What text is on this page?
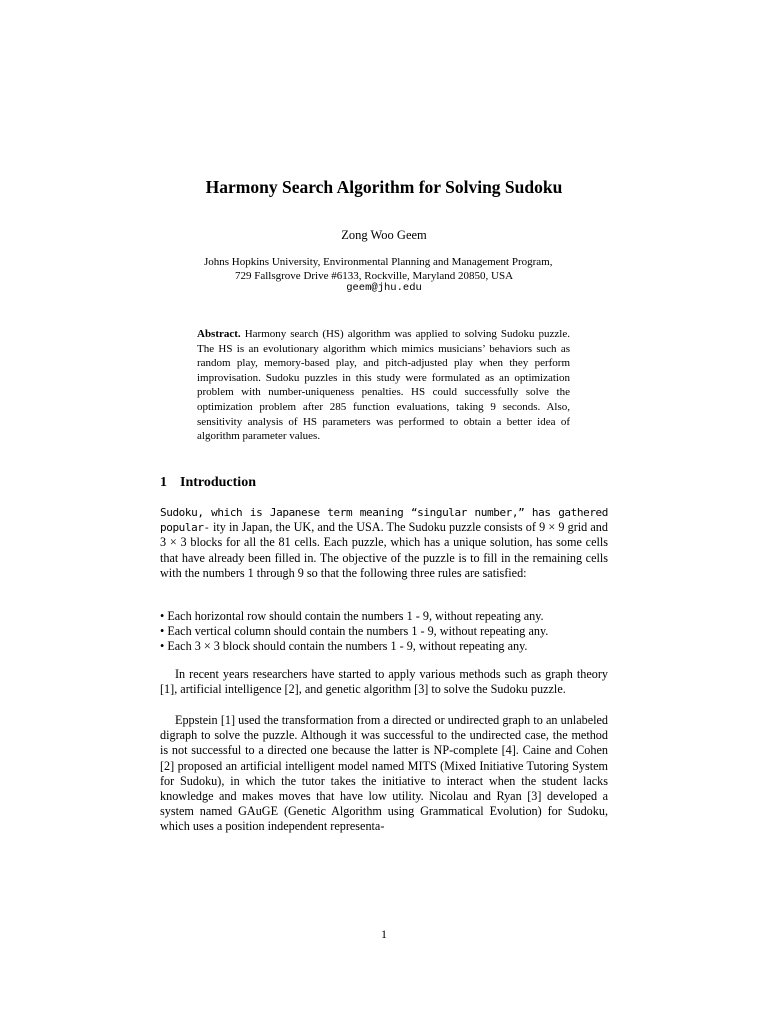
Harmony Search Algorithm for Solving Sudoku
Zong Woo Geem
Johns Hopkins University, Environmental Planning and Management Program,
729 Fallsgrove Drive #6133, Rockville, Maryland 20850, USA
geem@jhu.edu
Abstract. Harmony search (HS) algorithm was applied to solving Sudoku puzzle. The HS is an evolutionary algorithm which mimics musicians’ behaviors such as random play, memory-based play, and pitch-adjusted play when they perform improvisation. Sudoku puzzles in this study were formulated as an optimization problem with number-uniqueness penalties. HS could successfully solve the optimization problem after 285 function evaluations, taking 9 seconds. Also, sensitivity analysis of HS parameters was performed to obtain a better idea of algorithm parameter values.
1 Introduction
Sudoku, which is Japanese term meaning “singular number,” has gathered popular- ity in Japan, the UK, and the USA. The Sudoku puzzle consists of 9 × 9 grid and 3 × 3 blocks for all the 81 cells. Each puzzle, which has a unique solution, has some cells that have already been filled in. The objective of the puzzle is to fill in the remaining cells with the numbers 1 through 9 so that the following three rules are satisfied:
• Each horizontal row should contain the numbers 1 - 9, without repeating any.
• Each vertical column should contain the numbers 1 - 9, without repeating any.
• Each 3 × 3 block should contain the numbers 1 - 9, without repeating any.
In recent years researchers have started to apply various methods such as graph theory [1], artificial intelligence [2], and genetic algorithm [3] to solve the Sudoku puzzle.
Eppstein [1] used the transformation from a directed or undirected graph to an unlabeled digraph to solve the puzzle. Although it was successful to the undirected case, the method is not successful to a directed one because the latter is NP-complete [4]. Caine and Cohen [2] proposed an artificial intelligent model named MITS (Mixed Initiative Tutoring System for Sudoku), in which the tutor takes the initiative to interact when the student lacks knowledge and makes moves that have low utility. Nicolau and Ryan [3] developed a system named GAuGE (Genetic Algorithm using Grammatical Evolution) for Sudoku, which uses a position independent representa-
1
